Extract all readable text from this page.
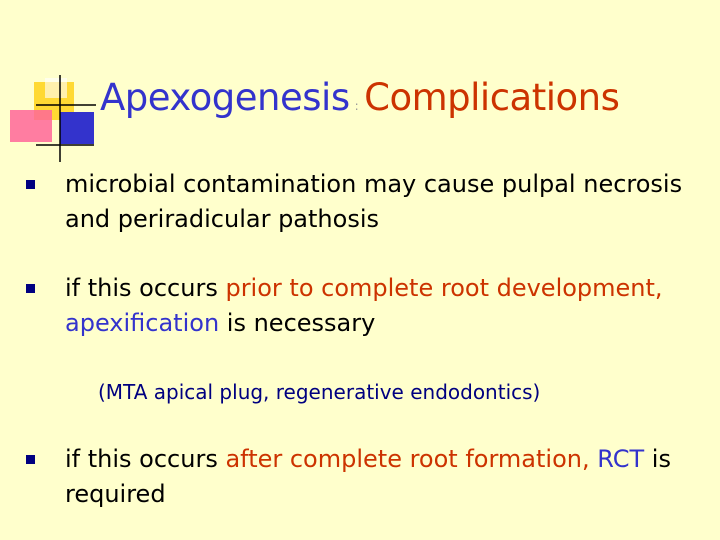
Apexogenesis : Complications

microbial contamination may cause pulpal necrosis and periradicular pathosis

if this occurs prior to complete root development, apexification is necessary

(MTA apical plug, regenerative endodontics)

if this occurs after complete root formation, RCT is required
